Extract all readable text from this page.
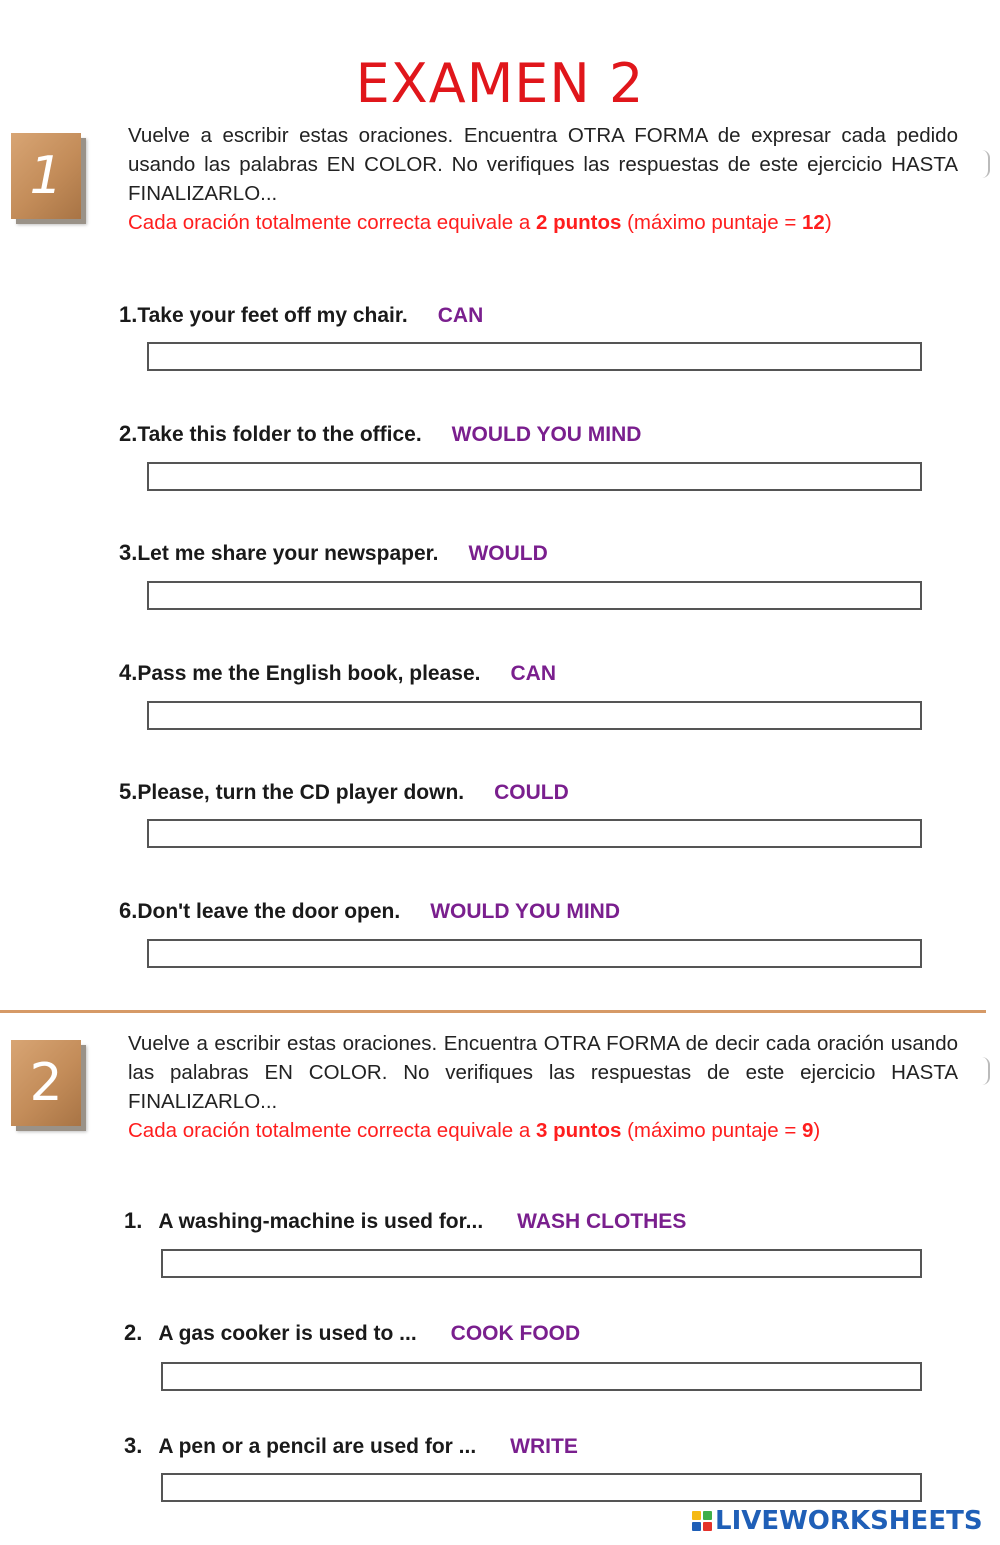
EXAMEN 2
1
Vuelve a escribir estas oraciones. Encuentra OTRA FORMA de expresar cada pedido usando las palabras EN COLOR. No verifiques las respuestas de este ejercicio HASTA FINALIZARLO...
Cada oración totalmente correcta equivale a 2 puntos (máximo puntaje = 12)
1.Take your feet off my chair. CAN
2.Take this folder to the office. WOULD YOU MIND
3.Let me share your newspaper. WOULD
4.Pass me the English book, please. CAN
5.Please, turn the CD player down. COULD
6.Don't leave the door open. WOULD YOU MIND
2
Vuelve a escribir estas oraciones. Encuentra OTRA FORMA de decir cada oración usando las palabras EN COLOR. No verifiques las respuestas de este ejercicio HASTA FINALIZARLO...
Cada oración totalmente correcta equivale a 3 puntos (máximo puntaje = 9)
1. A washing-machine is used for... WASH CLOTHES
2. A gas cooker is used to ... COOK FOOD
3. A pen or a pencil are used for ... WRITE
LIVEWORKSHEETS
